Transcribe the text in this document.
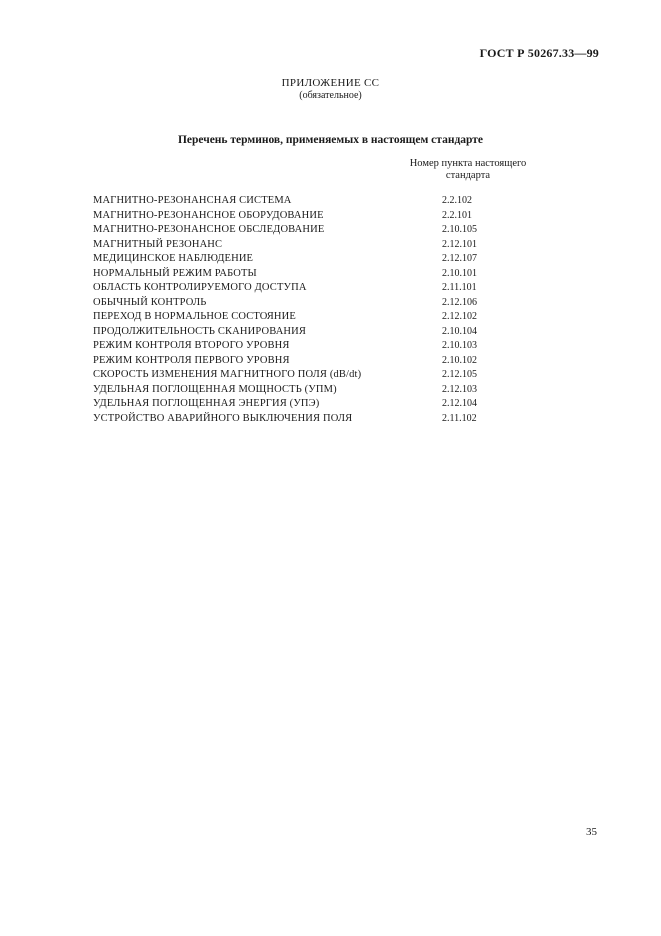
ГОСТ Р 50267.33—99
ПРИЛОЖЕНИЕ СС
(обязательное)
Перечень терминов, применяемых в настоящем стандарте
Номер пункта настоящего
стандарта
МАГНИТНО-РЕЗОНАНСНАЯ СИСТЕМА	2.2.102
МАГНИТНО-РЕЗОНАНСНОЕ ОБОРУДОВАНИЕ	2.2.101
МАГНИТНО-РЕЗОНАНСНОЕ ОБСЛЕДОВАНИЕ	2.10.105
МАГНИТНЫЙ РЕЗОНАНС	2.12.101
МЕДИЦИНСКОЕ НАБЛЮДЕНИЕ	2.12.107
НОРМАЛЬНЫЙ РЕЖИМ РАБОТЫ	2.10.101
ОБЛАСТЬ КОНТРОЛИРУЕМОГО ДОСТУПА	2.11.101
ОБЫЧНЫЙ КОНТРОЛЬ	2.12.106
ПЕРЕХОД В НОРМАЛЬНОЕ СОСТОЯНИЕ	2.12.102
ПРОДОЛЖИТЕЛЬНОСТЬ СКАНИРОВАНИЯ	2.10.104
РЕЖИМ КОНТРОЛЯ ВТОРОГО УРОВНЯ	2.10.103
РЕЖИМ КОНТРОЛЯ ПЕРВОГО УРОВНЯ	2.10.102
СКОРОСТЬ ИЗМЕНЕНИЯ МАГНИТНОГО ПОЛЯ (dB/dt)	2.12.105
УДЕЛЬНАЯ ПОГЛОЩЕННАЯ МОЩНОСТЬ (УПМ)	2.12.103
УДЕЛЬНАЯ ПОГЛОЩЕННАЯ ЭНЕРГИЯ (УПЭ)	2.12.104
УСТРОЙСТВО АВАРИЙНОГО ВЫКЛЮЧЕНИЯ ПОЛЯ	2.11.102
35
